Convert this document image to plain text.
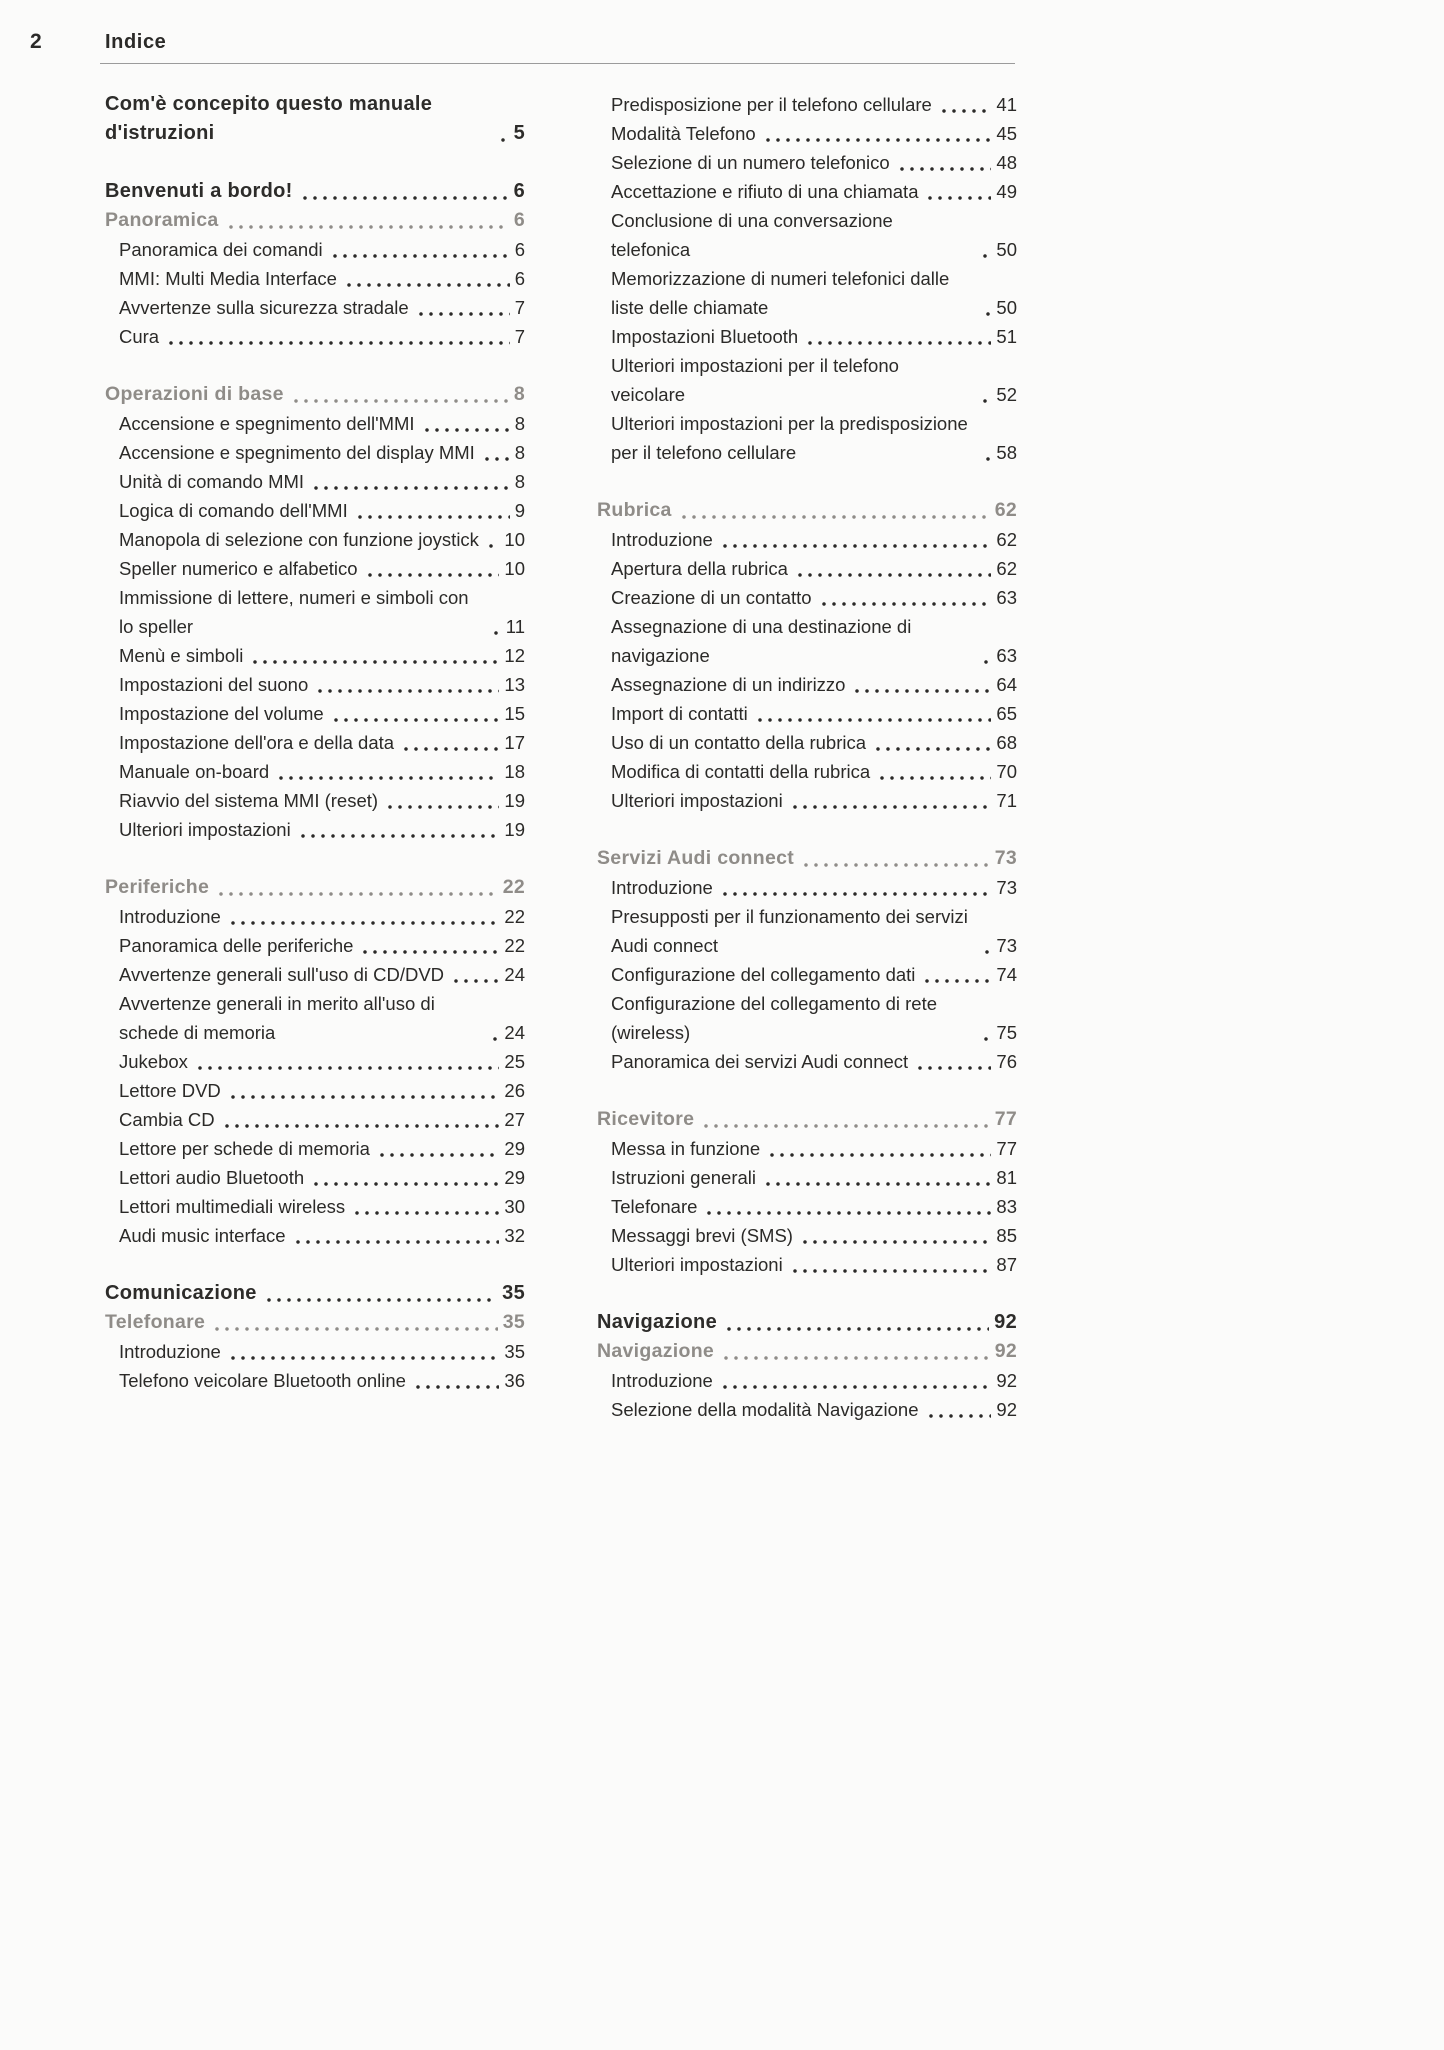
2	Indice
Com'è concepito questo manuale d'istruzioni	5
Benvenuti a bordo!	6
Panoramica	6
Panoramica dei comandi	6
MMI: Multi Media Interface	6
Avvertenze sulla sicurezza stradale	7
Cura	7
Operazioni di base	8
Accensione e spegnimento dell'MMI	8
Accensione e spegnimento del display MMI 8
Unità di comando MMI	8
Logica di comando dell'MMI	9
Manopola di selezione con funzione joystick 10
Speller numerico e alfabetico	10
Immissione di lettere, numeri e simboli con lo speller	11
Menù e simboli	12
Impostazioni del suono	13
Impostazione del volume	15
Impostazione dell'ora e della data	17
Manuale on-board	18
Riavvio del sistema MMI (reset)	19
Ulteriori impostazioni	19
Periferiche	22
Introduzione	22
Panoramica delle periferiche	22
Avvertenze generali sull'uso di CD/DVD	24
Avvertenze generali in merito all'uso di schede di memoria	24
Jukebox	25
Lettore DVD	26
Cambia CD	27
Lettore per schede di memoria	29
Lettori audio Bluetooth	29
Lettori multimediali wireless	30
Audi music interface	32
Comunicazione	35
Telefonare	35
Introduzione	35
Telefono veicolare Bluetooth online	36
Predisposizione per il telefono cellulare	41
Modalità Telefono	45
Selezione di un numero telefonico	48
Accettazione e rifiuto di una chiamata	49
Conclusione di una conversazione telefonica	50
Memorizzazione di numeri telefonici dalle liste delle chiamate	50
Impostazioni Bluetooth	51
Ulteriori impostazioni per il telefono veicolare	52
Ulteriori impostazioni per la predisposizione per il telefono cellulare	58
Rubrica	62
Introduzione	62
Apertura della rubrica	62
Creazione di un contatto	63
Assegnazione di una destinazione di navigazione	63
Assegnazione di un indirizzo	64
Import di contatti	65
Uso di un contatto della rubrica	68
Modifica di contatti della rubrica	70
Ulteriori impostazioni	71
Servizi Audi connect	73
Introduzione	73
Presupposti per il funzionamento dei servizi Audi connect	73
Configurazione del collegamento dati	74
Configurazione del collegamento di rete (wireless)	75
Panoramica dei servizi Audi connect	76
Ricevitore	77
Messa in funzione	77
Istruzioni generali	81
Telefonare	83
Messaggi brevi (SMS)	85
Ulteriori impostazioni	87
Navigazione	92
Navigazione	92
Introduzione	92
Selezione della modalità Navigazione	92
